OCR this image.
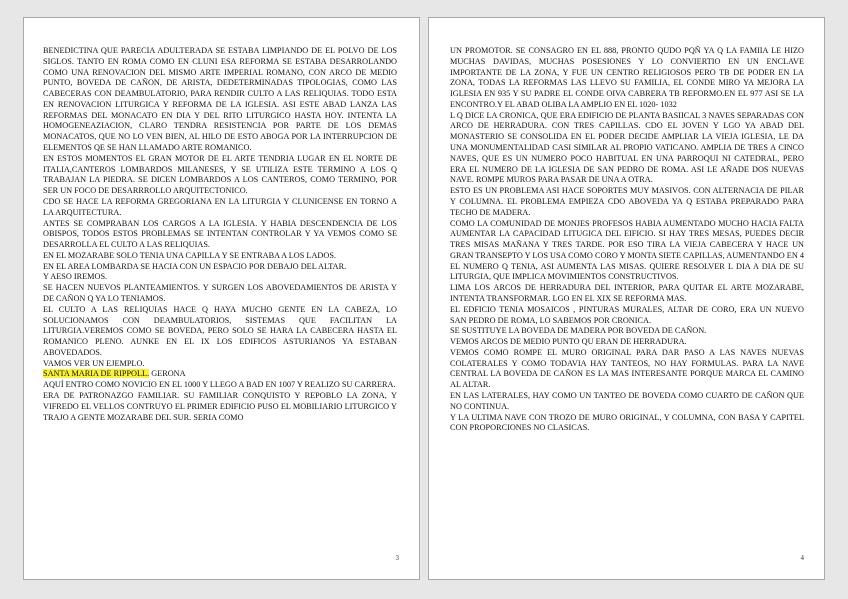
BENEDICTINA QUE PARECIA ADULTERADA SE ESTABA LIMPIANDO DE EL POLVO DE LOS SIGLOS. TANTO EN ROMA COMO EN CLUNI ESA REFORMA SE ESTABA DESARROLANDO COMO UNA RENOVACION DEL MISMO ARTE IMPERIAL ROMANO, CON ARCO DE MEDIO PUNTO, BOVEDA DE CAÑON, DE ARISTA, DEDETERMINADAS TIPOLOGIAS, COMO LAS CABECERAS CON DEAMBULATORIO, PARA RENDIR CULTO A LAS RELIQUIAS. TODO ESTA EN RENOVACION LITURGICA Y REFORMA DE LA IGLESIA. ASI ESTE ABAD LANZA LAS REFORMAS DEL MONACATO EN DIA Y DEL RITO LITURGICO HASTA HOY. INTENTA LA HOMOGENEAZIACION, CLARO TENDRA RESISTENCIA POR PARTE DE LOS DEMAS MONACATOS, QUE NO LO VEN BIEN, AL HILO DE ESTO ABOGA POR LA INTERRUPCION DE ELEMENTOS QE SE HAN LLAMADO ARTE ROMANICO.

EN ESTOS MOMENTOS EL GRAN MOTOR DE EL ARTE TENDRIA LUGAR EN EL NORTE DE ITALIA,CANTEROS LOMBARDOS MILANESES, Y SE UTILIZA ESTE TERMINO A LOS Q TRABAJAN LA PIEDRA. SE DICEN LOMBARDOS A LOS CANTEROS, COMO TERMINO, POR SER UN FOCO DE DESARRROLLO ARQUITECTONICO.

CDO SE HACE LA REFORMA GREGORIANA EN LA LITURGIA Y CLUNICENSE EN TORNO A LA ARQUITECTURA.

ANTES SE COMPRABAN LOS CARGOS A LA IGLESIA. Y HABIA DESCENDENCIA DE LOS OBISPOS, TODOS ESTOS PROBLEMAS SE INTENTAN CONTROLAR Y YA VEMOS COMO SE DESARROLLA EL CULTO A LAS RELIQUIAS.

EN EL MOZARABE SOLO TENIA UNA CAPILLA Y SE ENTRABA A LOS LADOS.

EN EL AREA LOMBARDA SE HACIA CON UN ESPACIO POR DEBAJO DEL ALTAR.

Y AESO IREMOS.

SE HACEN NUEVOS PLANTEAMIENTOS. Y SURGEN LOS ABOVEDAMIENTOS DE ARISTA Y DE CAÑON Q YA LO TENIAMOS.

EL CULTO A LAS RELIQUIAS HACE Q HAYA MUCHO GENTE EN LA CABEZA, LO SOLUCIONAMOS CON DEAMBULATORIOS, SISTEMAS QUE FACILITAN LA LITURGIA.VEREMOS COMO SE BOVEDA, PERO SOLO SE HARA LA CABECERA HASTA EL ROMANICO PLENO. AUNKE EN EL IX LOS EDIFICOS ASTURIANOS YA ESTABAN ABOVEDADOS.

VAMOS VER UN EJEMPLO.

SANTA MARIA DE RIPPOLL. GERONA

AQUÍ ENTRO COMO NOVICIO EN EL 1000 Y LLEGO A BAD EN 1007 Y REALIZO SU CARRERA.

ERA DE PATRONAZGO FAMILIAR. SU FAMILIAR CONQUISTO Y REPOBLO LA ZONA, Y VIFREDO EL VELLOS CONTRUYO EL PRIMER EDIFICIO PUSO EL MOBILIARIO LITURGICO Y TRAJO A GENTE MOZARABE DEL SUR. SERIA COMO

3

UN PROMOTOR. SE CONSAGRO EN EL 888, PRONTO QUDO PQÑ YA Q LA FAMIIA LE HIZO MUCHAS DAVIDAS, MUCHAS POSESIONES Y LO CONVIERTIO EN UN ENCLAVE IMPORTANTE DE LA ZONA, Y FUE UN CENTRO RELIGIOSOS PERO TB DE PODER EN LA ZONA, TODAS LA REFORMAS LAS LLEVO SU FAMILIA, EL CONDE MIRO YA MEJORA LA IGLESIA EN 935 Y SU PADRE EL CONDE OIVA CABRERA TB REFORMO.EN EL 977 ASI SE LA ENCONTRO.Y EL ABAD OLIBA LA AMPLIO EN EL 1020- 1032

L Q DICE LA CRONICA, QUE ERA EDIFICIO DE PLANTA BASIICAL 3 NAVES SEPARADAS CON ARCO DE HERRADURA. CON TRES CAPILLAS. CDO EL JOVEN Y LGO YA ABAD DEL MONASTERIO SE CONSOLIDA EN EL PODER DECIDE AMPLIAR LA VIEJA IGLESIA, LE DA UNA MONUMENTALIDAD CASI SIMILAR AL PROPIO VATICANO. AMPLIA DE TRES A CINCO NAVES, QUE ES UN NUMERO POCO HABITUAL EN UNA PARROQUI NI CATEDRAL, PERO ERA EL NUMERO DE LA IGLESIA DE SAN PEDRO DE ROMA. ASI LE AÑADE DOS NUEVAS NAVE. ROMPE MUROS PARA PASAR DE UNA A OTRA.

ESTO ES UN PROBLEMA ASI HACE SOPORTES MUY MASIVOS. CON ALTERNACIA DE PILAR Y COLUMNA. EL PROBLEMA EMPIEZA CDO ABOVEDA YA Q ESTABA PREPARADO PARA TECHO DE MADERA.

COMO LA COMUNIDAD DE MONJES PROFESOS HABIA AUMENTADO MUCHO HACIA FALTA AUMENTAR LA CAPACIDAD LITUGICA DEL EIFICIO. SI HAY TRES MESAS, PUEDES DECIR TRES MISAS MAÑANA Y TRES TARDE. POR ESO TIRA LA VIEJA CABECERA Y HACE UN GRAN TRANSEPTO Y LOS USA COMO CORO Y MONTA SIETE CAPILLAS, AUMENTANDO EN 4 EL NUMERO Q TENIA, ASI AUMENTA LAS MISAS. QUIERE RESOLVER L DIA A DIA DE SU LITURGIA, QUE IMPLICA MOVIMIENTOS CONSTRUCTIVOS.

LIMA LOS ARCOS DE HERRADURA DEL INTERIOR, PARA QUITAR EL ARTE MOZARABE, INTENTA TRANSFORMAR. LGO EN EL XIX SE REFORMA MAS.

EL EDFICIO TENIA MOSAICOS , PINTURAS MURALES, ALTAR DE CORO, ERA UN NUEVO SAN PEDRO DE ROMA, LO SABEMOS POR CRONICA.

SE SUSTITUYE LA BOVEDA DE MADERA POR BOVEDA DE CAÑON.

VEMOS ARCOS DE MEDIO PUNTO QU ERAN DE HERRADURA.

VEMOS COMO ROMPE EL MURO ORIGINAL PARA DAR PASO A LAS NAVES NUEVAS COLATERALES Y COMO TODAVIA HAY TANTEOS, NO HAY FORMULAS. PARA LA NAVE CENTRAL LA BOVEDA DE CAÑON ES LA MAS INTERESANTE PORQUE MARCA EL CAMINO AL ALTAR.

EN LAS LATERALES, HAY COMO UN TANTEO DE BOVEDA COMO CUARTO DE CAÑON QUE NO CONTINUA.

Y LA ULTIMA NAVE CON TROZO DE MURO ORIGINAL, Y COLUMNA, CON BASA Y CAPITEL CON PROPORCIONES NO CLASICAS.

4
